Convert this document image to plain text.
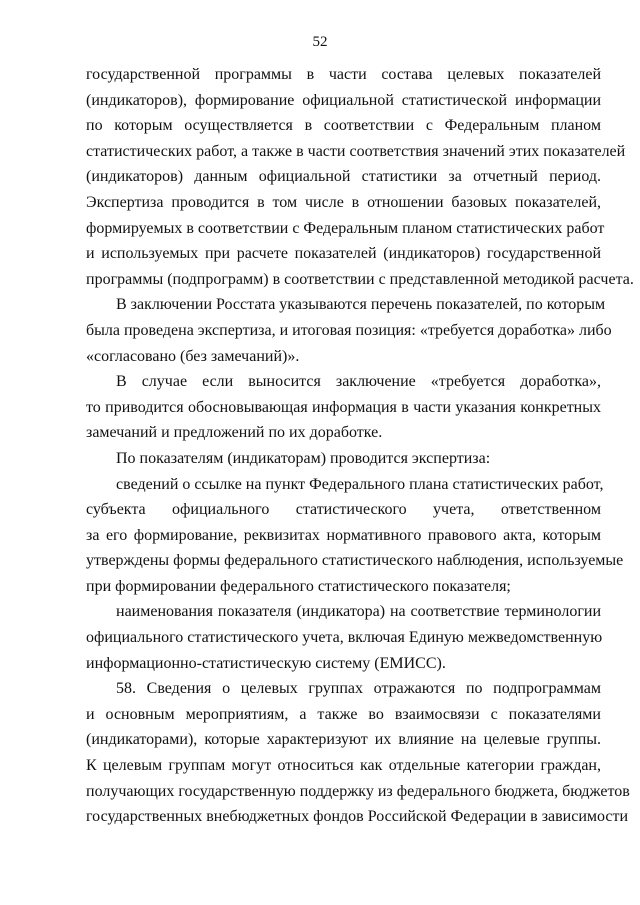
52
государственной программы в части состава целевых показателей
(индикаторов), формирование официальной статистической информации
по которым осуществляется в соответствии с Федеральным планом
статистических работ, а также в части соответствия значений этих показателей
(индикаторов) данным официальной статистики за отчетный период.
Экспертиза проводится в том числе в отношении базовых показателей,
формируемых в соответствии с Федеральным планом статистических работ
и используемых при расчете показателей (индикаторов) государственной
программы (подпрограмм) в соответствии с представленной методикой расчета.
В заключении Росстата указываются перечень показателей, по которым
была проведена экспертиза, и итоговая позиция: «требуется доработка» либо
«согласовано (без замечаний)».
В случае если выносится заключение «требуется доработка»,
то приводится обосновывающая информация в части указания конкретных
замечаний и предложений по их доработке.
По показателям (индикаторам) проводится экспертиза:
сведений о ссылке на пункт Федерального плана статистических работ,
субъекта официального статистического учета, ответственном
за его формирование, реквизитах нормативного правового акта, которым
утверждены формы федерального статистического наблюдения, используемые
при формировании федерального статистического показателя;
наименования показателя (индикатора) на соответствие терминологии
официального статистического учета, включая Единую межведомственную
информационно-статистическую систему (ЕМИСС).
58. Сведения о целевых группах отражаются по подпрограммам
и основным мероприятиям, а также во взаимосвязи с показателями
(индикаторами), которые характеризуют их влияние на целевые группы.
К целевым группам могут относиться как отдельные категории граждан,
получающих государственную поддержку из федерального бюджета, бюджетов
государственных внебюджетных фондов Российской Федерации в зависимости
